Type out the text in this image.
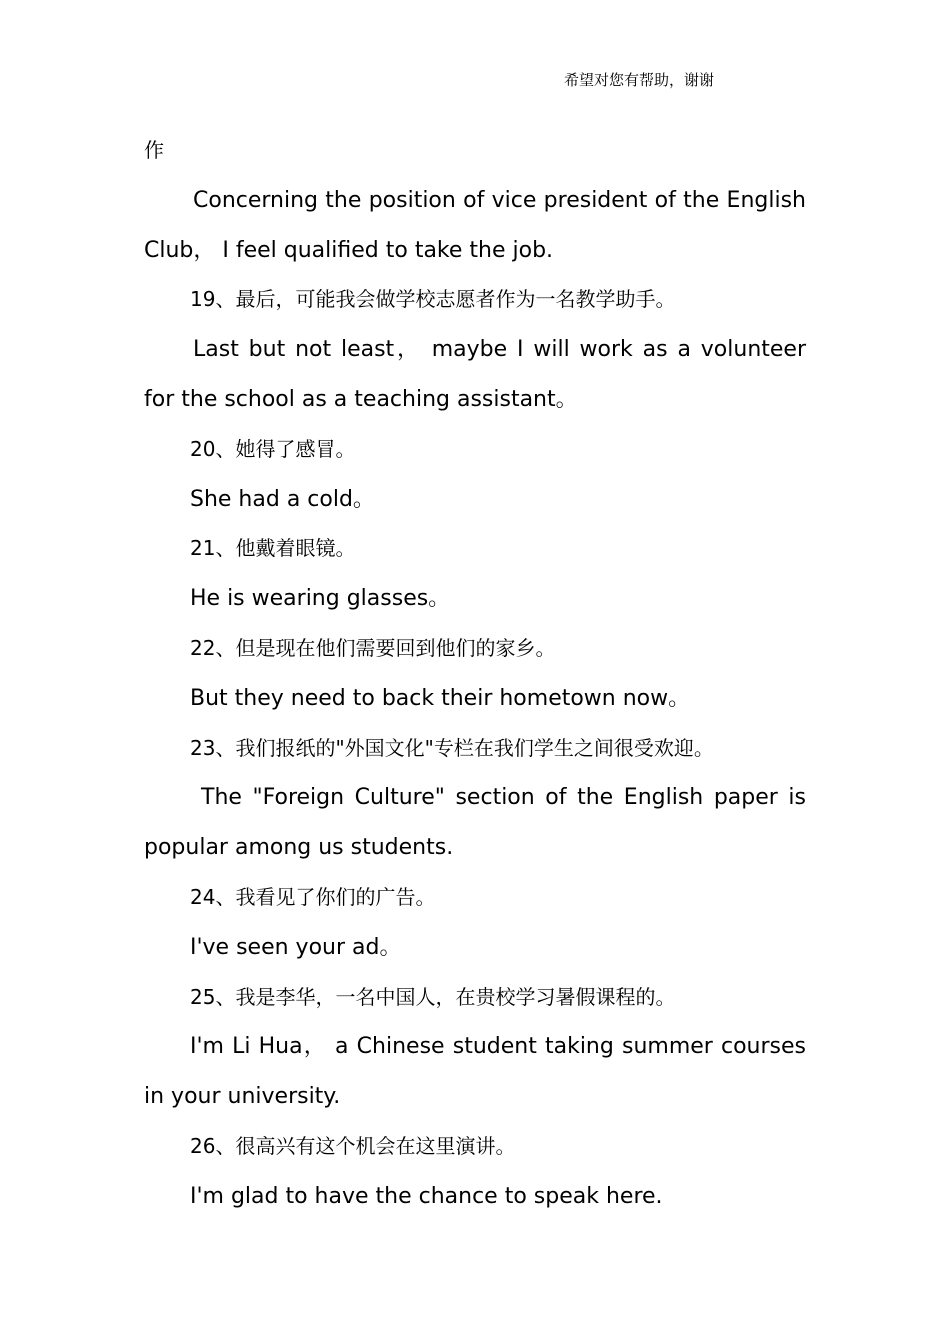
希望对您有帮助，谢谢

作

Concerning the position of vice president of the English Club， I feel qualified to take the job.

19、最后，可能我会做学校志愿者作为一名教学助手。

Last but not least， maybe I will work as a volunteer for the school as a teaching assistant。

20、她得了感冒。

She had a cold。

21、他戴着眼镜。

He is wearing glasses。

22、但是现在他们需要回到他们的家乡。

But they need to back their hometown now。

23、我们报纸的"外国文化"专栏在我们学生之间很受欢迎。

The "Foreign Culture" section of the English paper is popular among us students.

24、我看见了你们的广告。

I've seen your ad。

25、我是李华，一名中国人，在贵校学习暑假课程的。

I'm Li Hua， a Chinese student taking summer courses in your university.

26、很高兴有这个机会在这里演讲。

I'm glad to have the chance to speak here.
